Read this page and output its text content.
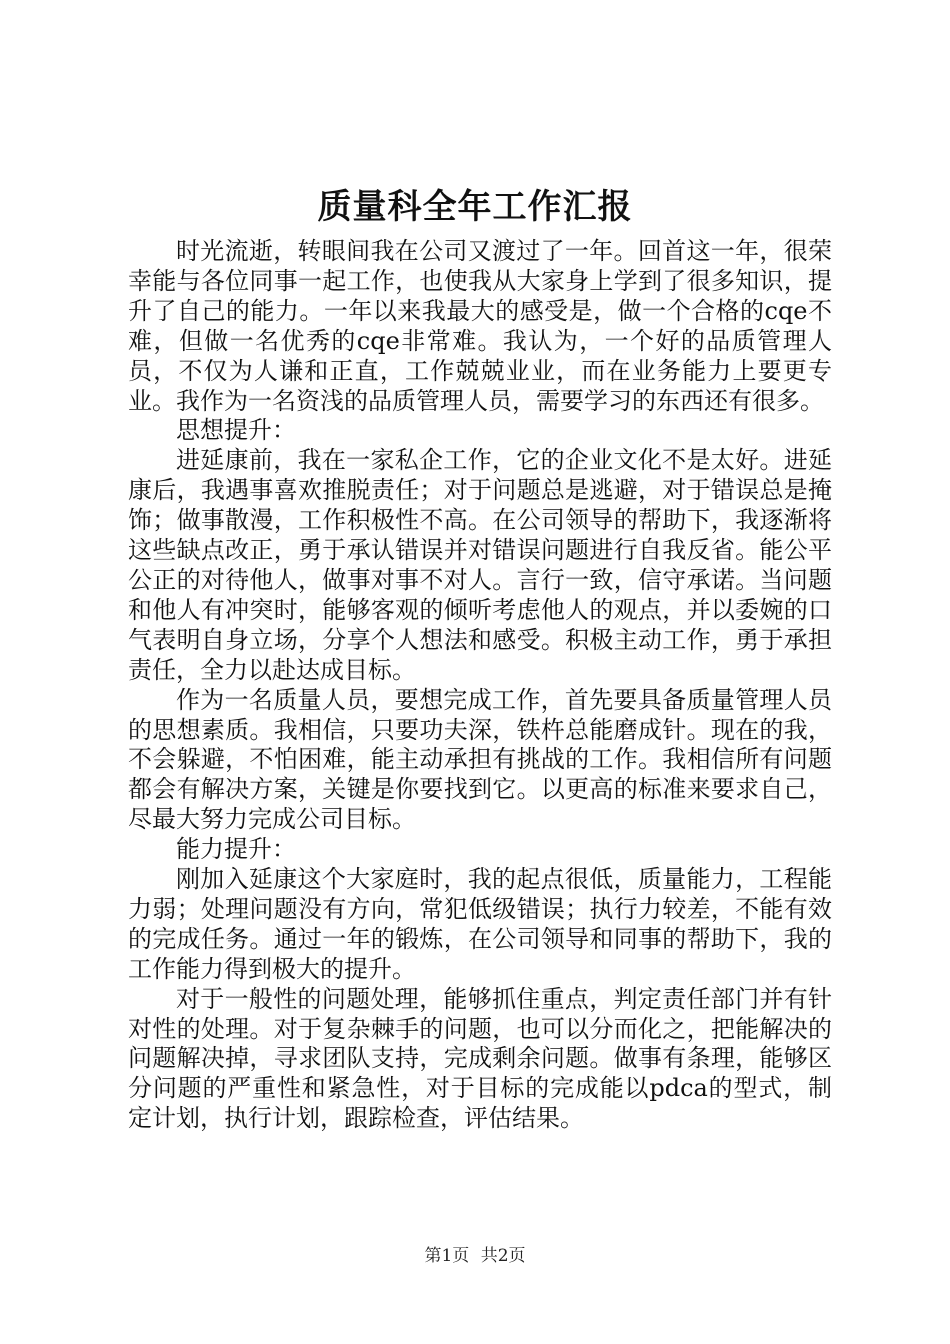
质量科全年工作汇报

时光流逝，转眼间我在公司又渡过了一年。回首这一年，很荣幸能与各位同事一起工作，也使我从大家身上学到了很多知识，提升了自己的能力。一年以来我最大的感受是，做一个合格的cqe不难，但做一名优秀的cqe非常难。我认为，一个好的品质管理人员，不仅为人谦和正直，工作兢兢业业，而在业务能力上要更专业。我作为一名资浅的品质管理人员，需要学习的东西还有很多。

思想提升：

进延康前，我在一家私企工作，它的企业文化不是太好。进延康后，我遇事喜欢推脱责任；对于问题总是逃避，对于错误总是掩饰；做事散漫，工作积极性不高。在公司领导的帮助下，我逐渐将这些缺点改正，勇于承认错误并对错误问题进行自我反省。能公平公正的对待他人，做事对事不对人。言行一致，信守承诺。当问题和他人有冲突时，能够客观的倾听考虑他人的观点，并以委婉的口气表明自身立场，分享个人想法和感受。积极主动工作，勇于承担责任，全力以赴达成目标。

作为一名质量人员，要想完成工作，首先要具备质量管理人员的思想素质。我相信，只要功夫深，铁杵总能磨成针。现在的我，不会躲避，不怕困难，能主动承担有挑战的工作。我相信所有问题都会有解决方案，关键是你要找到它。以更高的标准来要求自己，尽最大努力完成公司目标。

能力提升：

刚加入延康这个大家庭时，我的起点很低，质量能力，工程能力弱；处理问题没有方向，常犯低级错误；执行力较差，不能有效的完成任务。通过一年的锻炼，在公司领导和同事的帮助下，我的工作能力得到极大的提升。

对于一般性的问题处理，能够抓住重点，判定责任部门并有针对性的处理。对于复杂棘手的问题，也可以分而化之，把能解决的问题解决掉，寻求团队支持，完成剩余问题。做事有条理，能够区分问题的严重性和紧急性，对于目标的完成能以pdca的型式，制定计划，执行计划，跟踪检查，评估结果。

第1页 共2页
